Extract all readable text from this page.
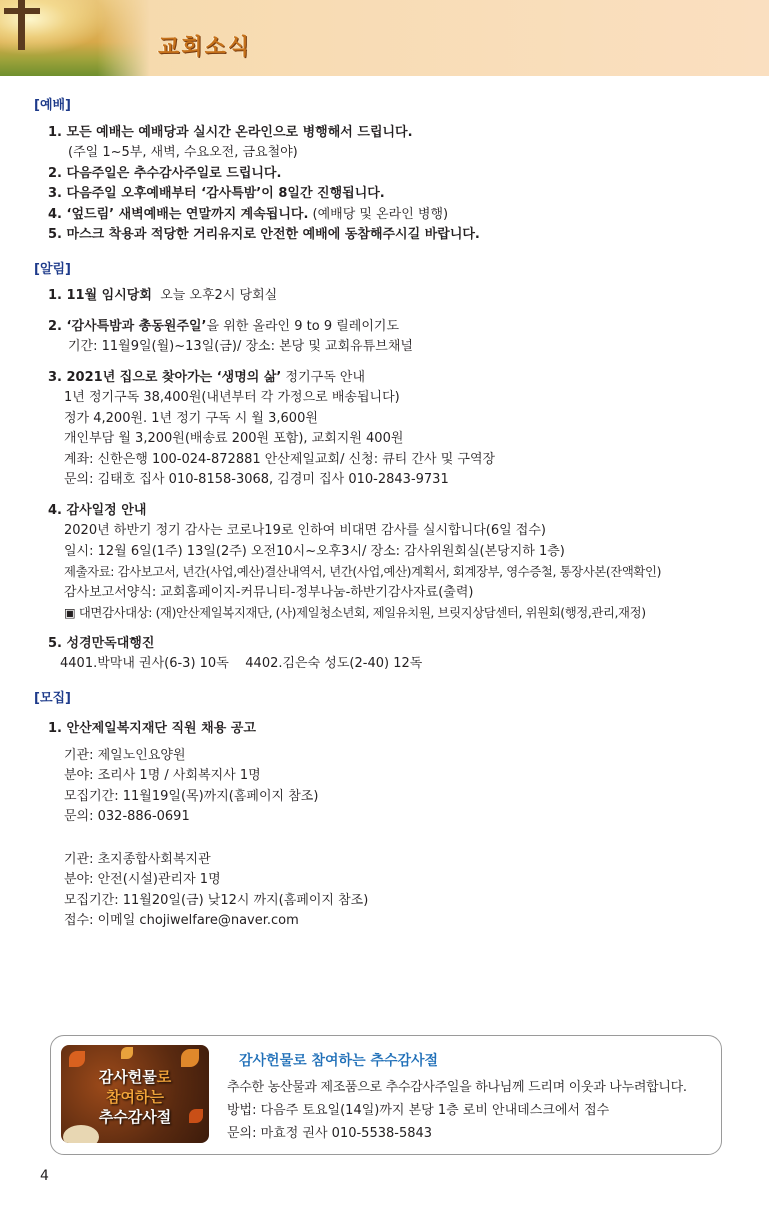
교회소식

[예배]

1. 모든 예배는 예배당과 실시간 온라인으로 병행해서 드립니다.

(주일 1~5부, 새벽, 수요오전, 금요철야)

2. 다음주일은 추수감사주일로 드립니다.

3. 다음주일 오후예배부터 ‘감사특밤’이 8일간 진행됩니다.

4. ‘엎드림’ 새벽예배는 연말까지 계속됩니다. (예배당 및 온라인 병행)

5. 마스크 착용과 적당한 거리유지로 안전한 예배에 동참해주시길 바랍니다.

[알림]

1. 11월 임시당회 오늘 오후2시 당회실

2. ‘감사특밤과 총동원주일’을 위한 올라인 9 to 9 릴레이기도

기간: 11월9일(월)~13일(금)/ 장소: 본당 및 교회유튜브채널

3. 2021년 집으로 찾아가는 ‘생명의 삶’ 정기구독 안내

1년 정기구독 38,400원(내년부터 각 가정으로 배송됩니다)

정가 4,200원. 1년 정기 구독 시 월 3,600원

개인부담 월 3,200원(배송료 200원 포함), 교회지원 400원

계좌: 신한은행 100-024-872881 안산제일교회/ 신청: 큐티 간사 및 구역장

문의: 김태호 집사 010-8158-3068, 김경미 집사 010-2843-9731

4. 감사일정 안내

2020년 하반기 정기 감사는 코로나19로 인하여 비대면 감사를 실시합니다(6일 접수)

일시: 12월 6일(1주) 13일(2주) 오전10시~오후3시/ 장소: 감사위원회실(본당지하 1층)

제출자료: 감사보고서, 년간(사업,예산)결산내역서, 년간(사업,예산)계획서, 회계장부, 영수증철, 통장사본(잔액확인)

감사보고서양식: 교회홈페이지-커뮤니티-정부나눔-하반기감사자료(출력)

▣ 대면감사대상: (재)안산제일복지재단, (사)제일청소년회, 제일유치원, 브릿지상담센터, 위원회(행정,관리,재정)

5. 성경만독대행진

4401.박막내 권사(6-3) 10독    4402.김은숙 성도(2-40) 12독

[모집]

1. 안산제일복지재단 직원 채용 공고

기관: 제일노인요양원

분야: 조리사 1명 / 사회복지사 1명

모집기간: 11월19일(목)까지(홈페이지 참조)

문의: 032-886-0691

기관: 초지종합사회복지관

분야: 안전(시설)관리자 1명

모집기간: 11월20일(금) 낮12시 까지(홈페이지 참조)

접수: 이메일 chojiwelfare@naver.com

감사헌물로
참여하는
추수감사절
감사헌물로 참여하는 추수감사절
추수한 농산물과 제조품으로 추수감사주일을 하나님께 드리며 이웃과 나누려합니다.
방법: 다음주 토요일(14일)까지 본당 1층 로비 안내데스크에서 접수
문의: 마효정 권사 010-5538-5843
4
